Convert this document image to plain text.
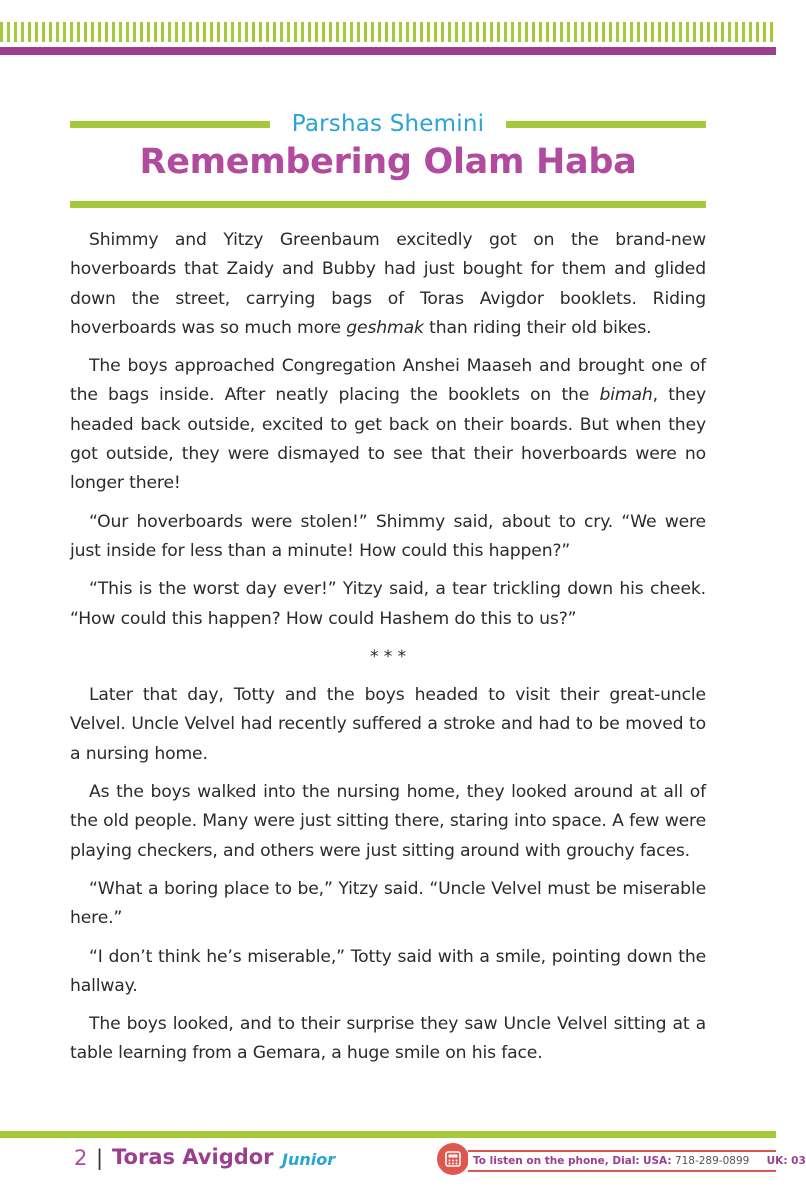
Parshas Shemini
Remembering Olam Haba

Shimmy and Yitzy Greenbaum excitedly got on the brand-new hoverboards that Zaidy and Bubby had just bought for them and glided down the street, carrying bags of Toras Avigdor booklets. Riding hoverboards was so much more geshmak than riding their old bikes.

The boys approached Congregation Anshei Maaseh and brought one of the bags inside. After neatly placing the booklets on the bimah, they headed back outside, excited to get back on their boards. But when they got outside, they were dismayed to see that their hoverboards were no longer there!

“Our hoverboards were stolen!” Shimmy said, about to cry. “We were just inside for less than a minute! How could this happen?”

“This is the worst day ever!” Yitzy said, a tear trickling down his cheek. “How could this happen? How could Hashem do this to us?”

* * *

Later that day, Totty and the boys headed to visit their great-uncle Velvel. Uncle Velvel had recently suffered a stroke and had to be moved to a nursing home.

As the boys walked into the nursing home, they looked around at all of the old people. Many were just sitting there, staring into space. A few were playing checkers, and others were just sitting around with grouchy faces.

“What a boring place to be,” Yitzy said. “Uncle Velvel must be miserable here.”

“I don’t think he’s miserable,” Totty said with a smile, pointing down the hallway.

The boys looked, and to their surprise they saw Uncle Velvel sitting at a table learning from a Gemara, a huge smile on his face.

2 | Toras Avigdor Junior	To listen on the phone, Dial: USA: 718-289-0899 UK: 03
